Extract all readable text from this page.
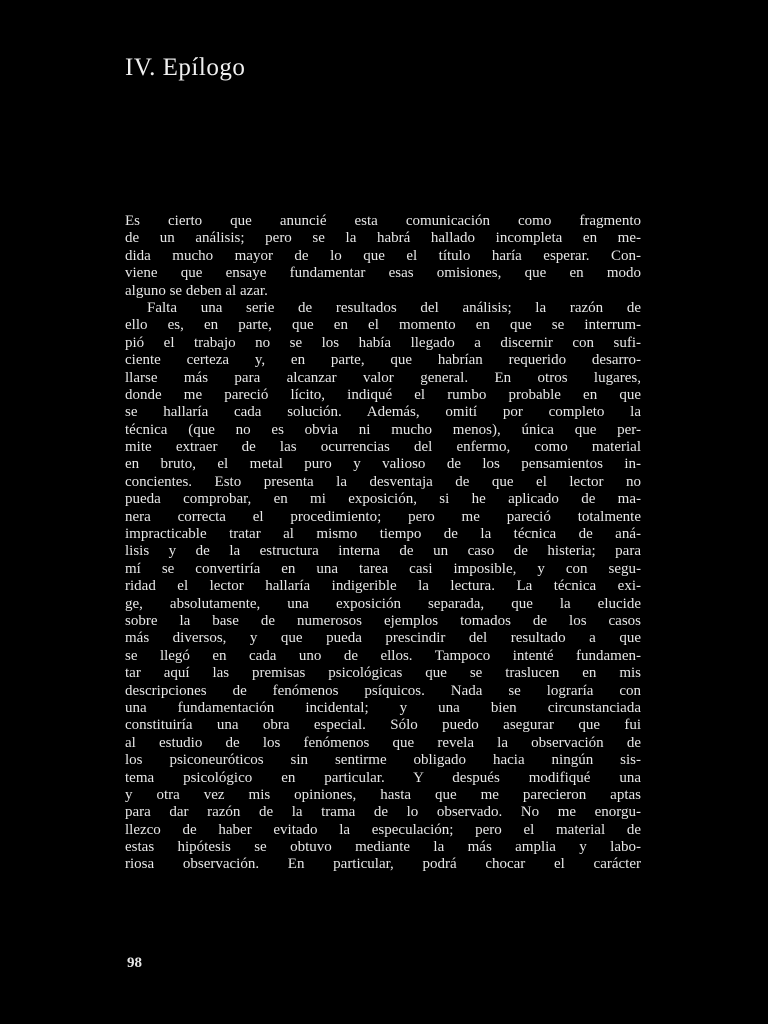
IV. Epílogo
Es cierto que anuncié esta comunicación como fragmento
de un análisis; pero se la habrá hallado incompleta en me-
dida mucho mayor de lo que el título haría esperar. Con-
viene que ensaye fundamentar esas omisiones, que en modo
alguno se deben al azar.
Falta una serie de resultados del análisis; la razón de
ello es, en parte, que en el momento en que se interrum-
pió el trabajo no se los había llegado a discernir con sufi-
ciente certeza y, en parte, que habrían requerido desarro-
llarse más para alcanzar valor general. En otros lugares,
donde me pareció lícito, indiqué el rumbo probable en que
se hallaría cada solución. Además, omití por completo la
técnica (que no es obvia ni mucho menos), única que per-
mite extraer de las ocurrencias del enfermo, como material
en bruto, el metal puro y valioso de los pensamientos in-
concientes. Esto presenta la desventaja de que el lector no
pueda comprobar, en mi exposición, si he aplicado de ma-
nera correcta el procedimiento; pero me pareció totalmente
impracticable tratar al mismo tiempo de la técnica de aná-
lisis y de la estructura interna de un caso de histeria; para
mí se convertiría en una tarea casi imposible, y con segu-
ridad el lector hallaría indigerible la lectura. La técnica exi-
ge, absolutamente, una exposición separada, que la elucide
sobre la base de numerosos ejemplos tomados de los casos
más diversos, y que pueda prescindir del resultado a que
se llegó en cada uno de ellos. Tampoco intenté fundamen-
tar aquí las premisas psicológicas que se traslucen en mis
descripciones de fenómenos psíquicos. Nada se lograría con
una fundamentación incidental; y una bien circunstanciada
constituiría una obra especial. Sólo puedo asegurar que fui
al estudio de los fenómenos que revela la observación de
los psiconeuróticos sin sentirme obligado hacia ningún sis-
tema psicológico en particular. Y después modifiqué una
y otra vez mis opiniones, hasta que me parecieron aptas
para dar razón de la trama de lo observado. No me enorgu-
llezco de haber evitado la especulación; pero el material de
estas hipótesis se obtuvo mediante la más amplia y labo-
riosa observación. En particular, podrá chocar el carácter
98
